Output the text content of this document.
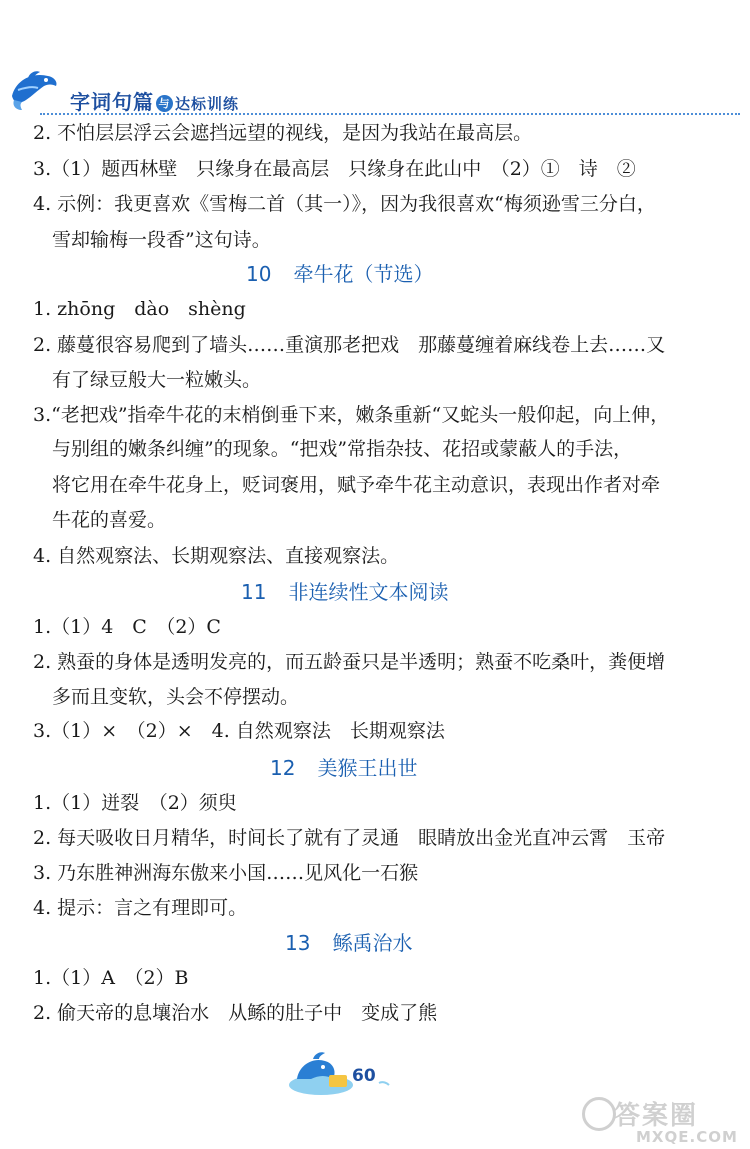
字词句篇 与 达标训练
2. 不怕层层浮云会遮挡远望的视线，是因为我站在最高层。
3.（1）题西林壁　只缘身在最高层　只缘身在此山中　（2）①　诗　②
4. 示例：我更喜欢《雪梅二首（其一）》，因为我很喜欢“梅须逊雪三分白，
雪却输梅一段香”这句诗。
10 牵牛花（节选）
1. zhōng　dào　shèng
2. 藤蔓很容易爬到了墙头……重演那老把戏　那藤蔓缠着麻线卷上去……又
有了绿豆般大一粒嫩头。
3.“老把戏”指牵牛花的末梢倒垂下来，嫩条重新“又蛇头一般仰起，向上伸，
与别组的嫩条纠缠”的现象。“把戏”常指杂技、花招或蒙蔽人的手法，
将它用在牵牛花身上，贬词褒用，赋予牵牛花主动意识，表现出作者对牵
牛花的喜爱。
4. 自然观察法、长期观察法、直接观察法。
11 非连续性文本阅读
1.（1）4　C　（2）C
2. 熟蚕的身体是透明发亮的，而五龄蚕只是半透明；熟蚕不吃桑叶，粪便增
多而且变软，头会不停摆动。
3.（1）×　（2）×　4. 自然观察法　长期观察法
12 美猴王出世
1.（1）迸裂　（2）须臾
2. 每天吸收日月精华，时间长了就有了灵通　眼睛放出金光直冲云霄　玉帝
3. 乃东胜神洲海东傲来小国……见风化一石猴
4. 提示：言之有理即可。
13 鲧禹治水
1.（1）A　（2）B
2. 偷天帝的息壤治水　从鲧的肚子中　变成了熊
60
答案圈
MXQE.COM
